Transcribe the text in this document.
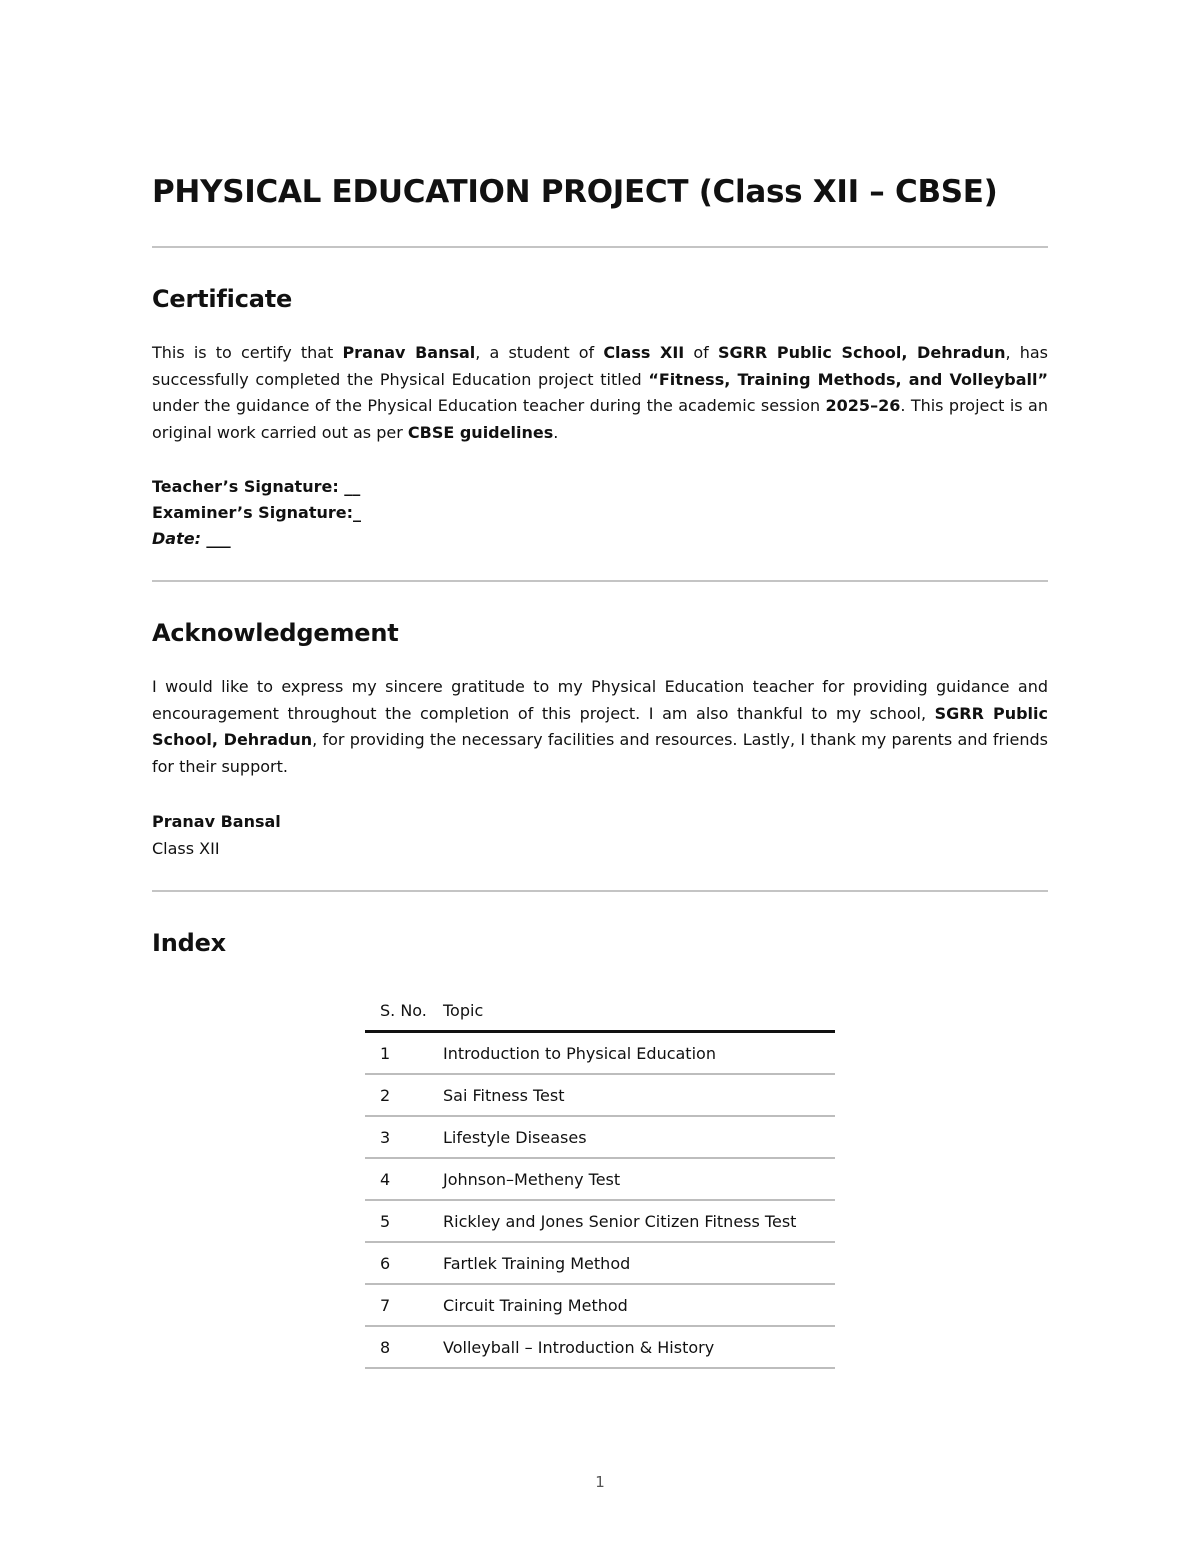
PHYSICAL EDUCATION PROJECT (Class XII – CBSE)
Certificate

This is to certify that Pranav Bansal, a student of Class XII of SGRR Public School, Dehradun, has successfully completed the Physical Education project titled “Fitness, Training Methods, and Volleyball” under the guidance of the Physical Education teacher during the academic session 2025–26. This project is an original work carried out as per CBSE guidelines.

Teacher’s Signature: __
Examiner’s Signature:_
Date: ___
Acknowledgement

I would like to express my sincere gratitude to my Physical Education teacher for providing guidance and encouragement throughout the completion of this project. I am also thankful to my school, SGRR Public School, Dehradun, for providing the necessary facilities and resources. Lastly, I thank my parents and friends for their support.

Pranav Bansal
Class XII
Index
S. No.	Topic
1	Introduction to Physical Education
2	Sai Fitness Test
3	Lifestyle Diseases
4	Johnson–Metheny Test
5	Rickley and Jones Senior Citizen Fitness Test
6	Fartlek Training Method
7	Circuit Training Method
8	Volleyball – Introduction & History
1
